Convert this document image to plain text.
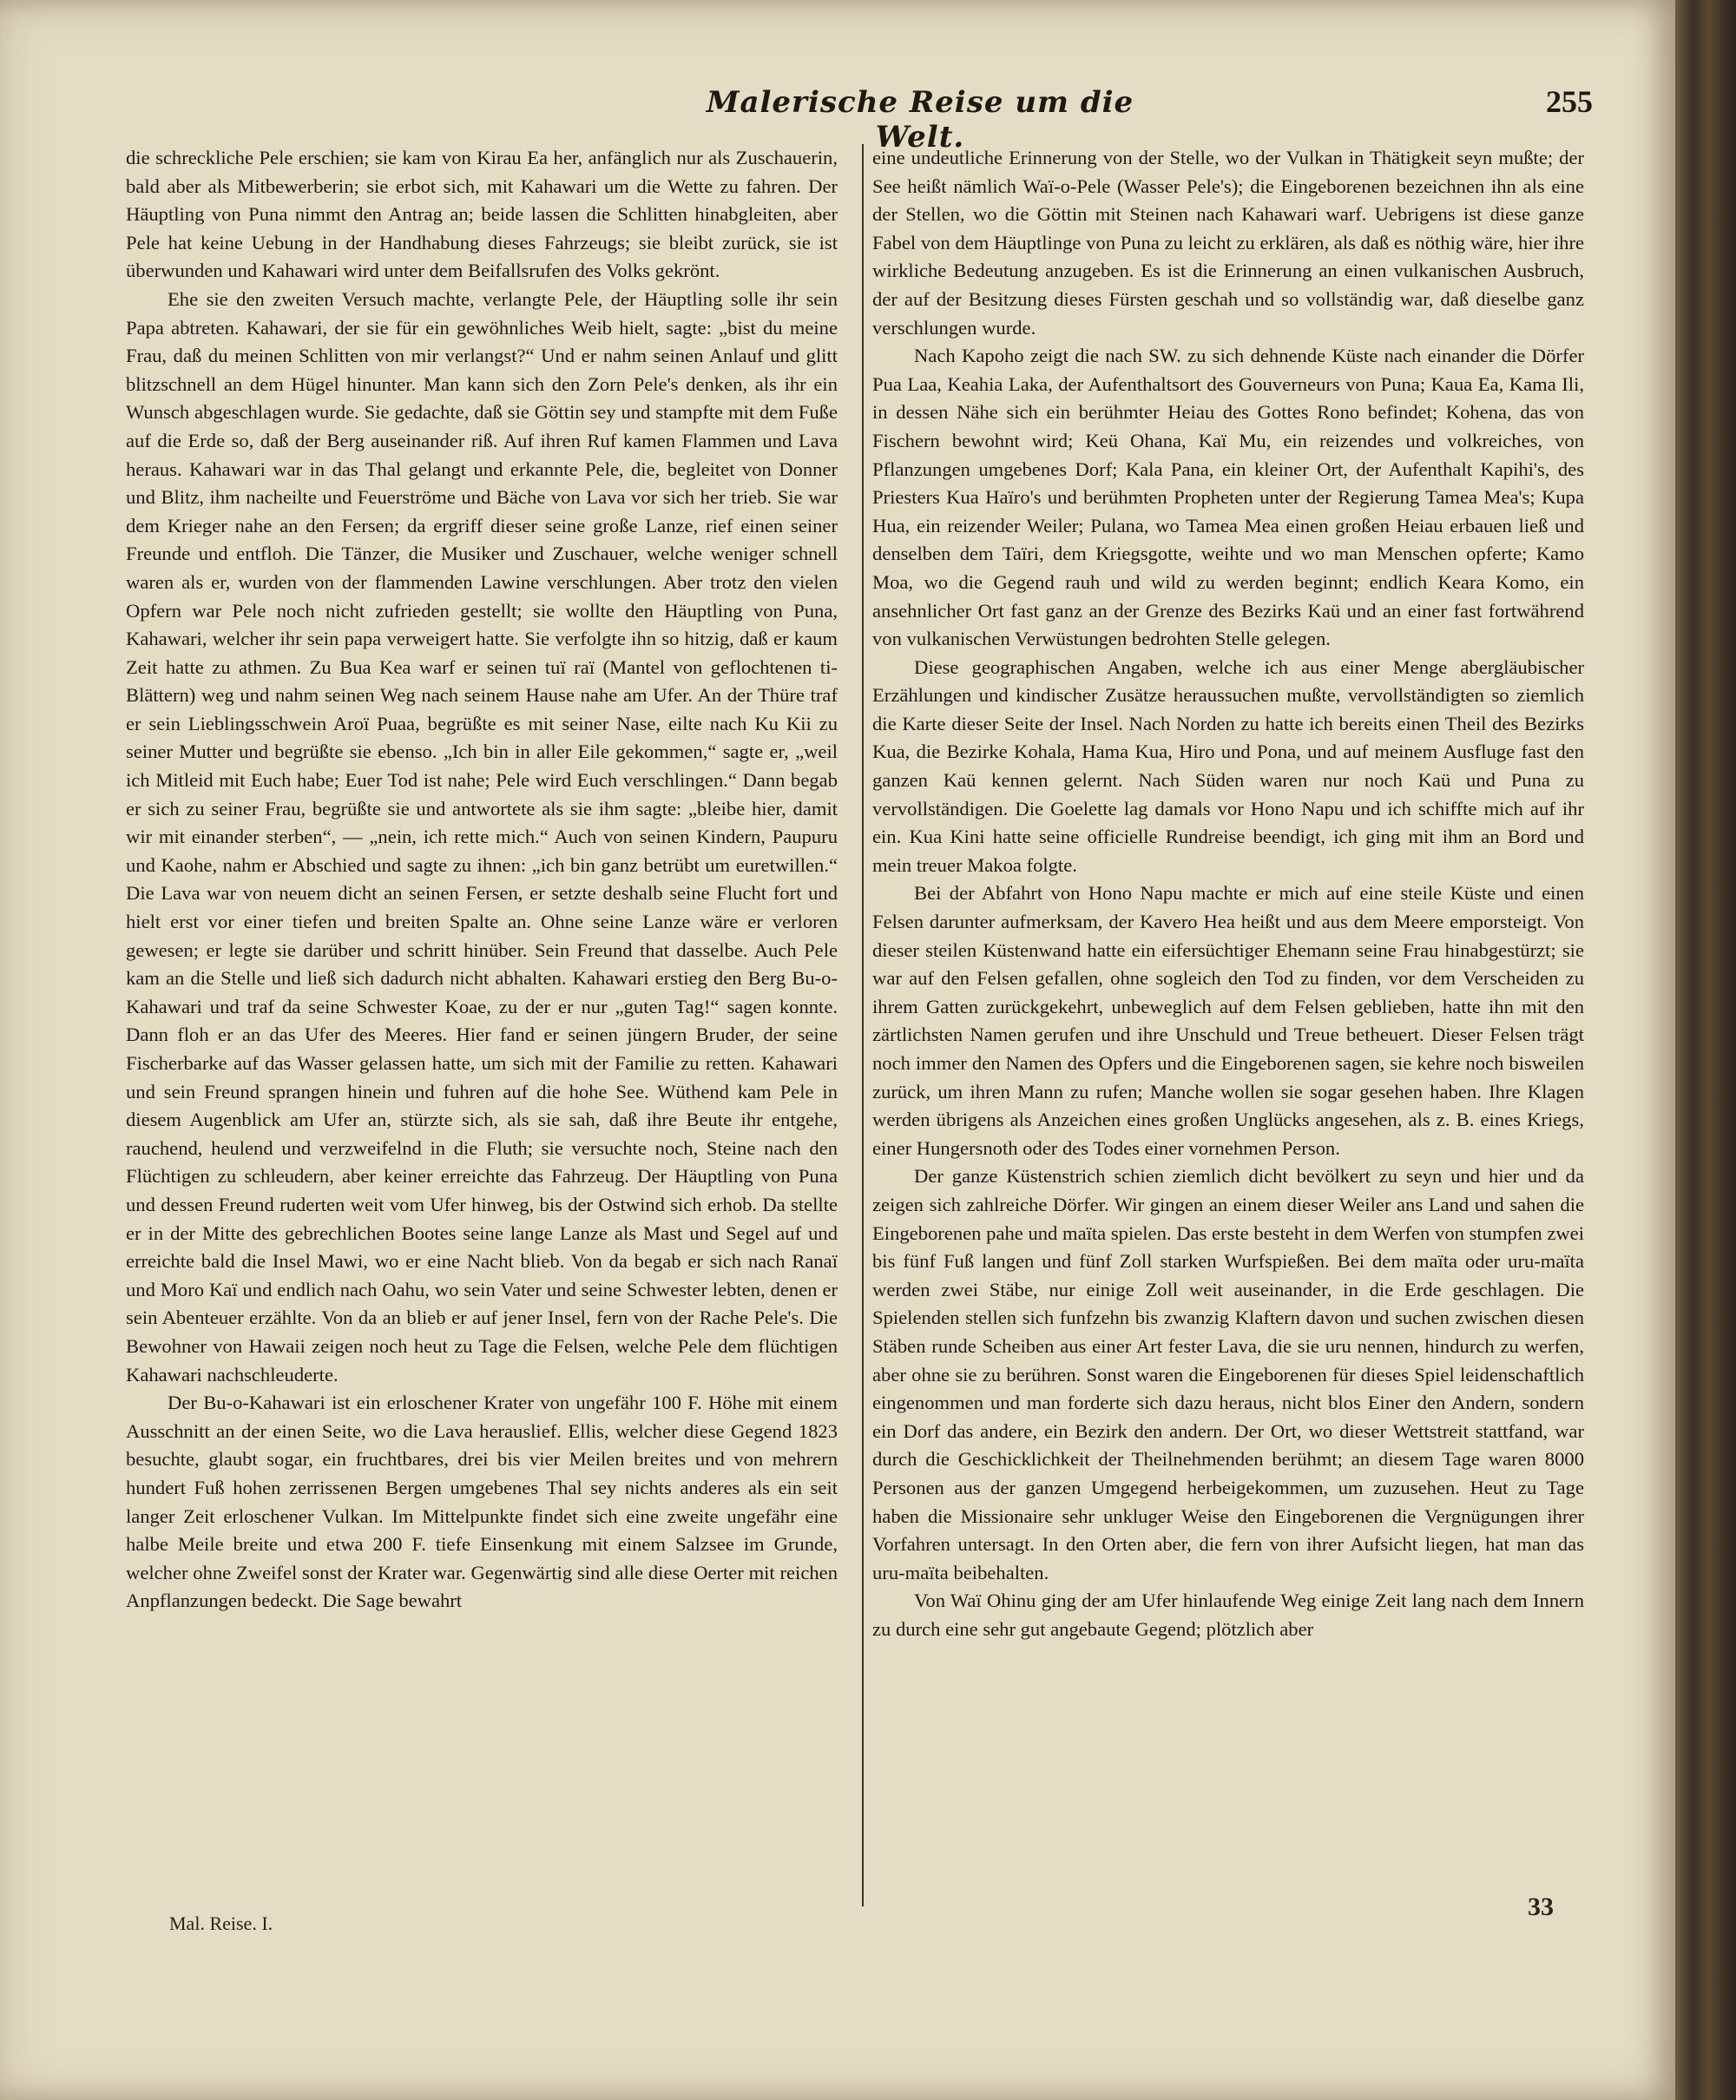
Malerische Reise um die Welt.
255

die schreckliche Pele erschien; sie kam von Kirau Ea her, anfänglich nur als Zuschauerin, bald aber als Mitbewerberin; sie erbot sich, mit Kahawari um die Wette zu fahren. Der Häuptling von Puna nimmt den Antrag an; beide lassen die Schlitten hinabgleiten, aber Pele hat keine Uebung in der Handhabung dieses Fahrzeugs; sie bleibt zurück, sie ist überwunden und Kahawari wird unter dem Beifallsrufen des Volks gekrönt.

Ehe sie den zweiten Versuch machte, verlangte Pele, der Häuptling solle ihr sein Papa abtreten. Kahawari, der sie für ein gewöhnliches Weib hielt, sagte: „bist du meine Frau, daß du meinen Schlitten von mir verlangst?“ Und er nahm seinen Anlauf und glitt blitzschnell an dem Hügel hinunter. Man kann sich den Zorn Pele's denken, als ihr ein Wunsch abgeschlagen wurde. Sie gedachte, daß sie Göttin sey und stampfte mit dem Fuße auf die Erde so, daß der Berg auseinander riß. Auf ihren Ruf kamen Flammen und Lava heraus. Kahawari war in das Thal gelangt und erkannte Pele, die, begleitet von Donner und Blitz, ihm nacheilte und Feuerströme und Bäche von Lava vor sich her trieb. Sie war dem Krieger nahe an den Fersen; da ergriff dieser seine große Lanze, rief einen seiner Freunde und entfloh. Die Tänzer, die Musiker und Zuschauer, welche weniger schnell waren als er, wurden von der flammenden Lawine verschlungen. Aber trotz den vielen Opfern war Pele noch nicht zufrieden gestellt; sie wollte den Häuptling von Puna, Kahawari, welcher ihr sein papa verweigert hatte. Sie verfolgte ihn so hitzig, daß er kaum Zeit hatte zu athmen. Zu Bua Kea warf er seinen tuï raï (Mantel von geflochtenen ti-Blättern) weg und nahm seinen Weg nach seinem Hause nahe am Ufer. An der Thüre traf er sein Lieblingsschwein Aroï Puaa, begrüßte es mit seiner Nase, eilte nach Ku Kii zu seiner Mutter und begrüßte sie ebenso. „Ich bin in aller Eile gekommen,“ sagte er, „weil ich Mitleid mit Euch habe; Euer Tod ist nahe; Pele wird Euch verschlingen.“ Dann begab er sich zu seiner Frau, begrüßte sie und antwortete als sie ihm sagte: „bleibe hier, damit wir mit einander sterben“, — „nein, ich rette mich.“ Auch von seinen Kindern, Paupuru und Kaohe, nahm er Abschied und sagte zu ihnen: „ich bin ganz betrübt um euretwillen.“ Die Lava war von neuem dicht an seinen Fersen, er setzte deshalb seine Flucht fort und hielt erst vor einer tiefen und breiten Spalte an. Ohne seine Lanze wäre er verloren gewesen; er legte sie darüber und schritt hinüber. Sein Freund that dasselbe. Auch Pele kam an die Stelle und ließ sich dadurch nicht abhalten. Kahawari erstieg den Berg Bu-o-Kahawari und traf da seine Schwester Koae, zu der er nur „guten Tag!“ sagen konnte. Dann floh er an das Ufer des Meeres. Hier fand er seinen jüngern Bruder, der seine Fischerbarke auf das Wasser gelassen hatte, um sich mit der Familie zu retten. Kahawari und sein Freund sprangen hinein und fuhren auf die hohe See. Wüthend kam Pele in diesem Augenblick am Ufer an, stürzte sich, als sie sah, daß ihre Beute ihr entgehe, rauchend, heulend und verzweifelnd in die Fluth; sie versuchte noch, Steine nach den Flüchtigen zu schleudern, aber keiner erreichte das Fahrzeug. Der Häuptling von Puna und dessen Freund ruderten weit vom Ufer hinweg, bis der Ostwind sich erhob. Da stellte er in der Mitte des gebrechlichen Bootes seine lange Lanze als Mast und Segel auf und erreichte bald die Insel Mawi, wo er eine Nacht blieb. Von da begab er sich nach Ranaï und Moro Kaï und endlich nach Oahu, wo sein Vater und seine Schwester lebten, denen er sein Abenteuer erzählte. Von da an blieb er auf jener Insel, fern von der Rache Pele's. Die Bewohner von Hawaii zeigen noch heut zu Tage die Felsen, welche Pele dem flüchtigen Kahawari nachschleuderte.

Der Bu-o-Kahawari ist ein erloschener Krater von ungefähr 100 F. Höhe mit einem Ausschnitt an der einen Seite, wo die Lava herauslief. Ellis, welcher diese Gegend 1823 besuchte, glaubt sogar, ein fruchtbares, drei bis vier Meilen breites und von mehrern hundert Fuß hohen zerrissenen Bergen umgebenes Thal sey nichts anderes als ein seit langer Zeit erloschener Vulkan. Im Mittelpunkte findet sich eine zweite ungefähr eine halbe Meile breite und etwa 200 F. tiefe Einsenkung mit einem Salzsee im Grunde, welcher ohne Zweifel sonst der Krater war. Gegenwärtig sind alle diese Oerter mit reichen Anpflanzungen bedeckt. Die Sage bewahrt

eine undeutliche Erinnerung von der Stelle, wo der Vulkan in Thätigkeit seyn mußte; der See heißt nämlich Waï-o-Pele (Wasser Pele's); die Eingeborenen bezeichnen ihn als eine der Stellen, wo die Göttin mit Steinen nach Kahawari warf. Uebrigens ist diese ganze Fabel von dem Häuptlinge von Puna zu leicht zu erklären, als daß es nöthig wäre, hier ihre wirkliche Bedeutung anzugeben. Es ist die Erinnerung an einen vulkanischen Ausbruch, der auf der Besitzung dieses Fürsten geschah und so vollständig war, daß dieselbe ganz verschlungen wurde.

Nach Kapoho zeigt die nach SW. zu sich dehnende Küste nach einander die Dörfer Pua Laa, Keahia Laka, der Aufenthaltsort des Gouverneurs von Puna; Kaua Ea, Kama Ili, in dessen Nähe sich ein berühmter Heiau des Gottes Rono befindet; Kohena, das von Fischern bewohnt wird; Keü Ohana, Kaï Mu, ein reizendes und volkreiches, von Pflanzungen umgebenes Dorf; Kala Pana, ein kleiner Ort, der Aufenthalt Kapihi's, des Priesters Kua Haïro's und berühmten Propheten unter der Regierung Tamea Mea's; Kupa Hua, ein reizender Weiler; Pulana, wo Tamea Mea einen großen Heiau erbauen ließ und denselben dem Taïri, dem Kriegsgotte, weihte und wo man Menschen opferte; Kamo Moa, wo die Gegend rauh und wild zu werden beginnt; endlich Keara Komo, ein ansehnlicher Ort fast ganz an der Grenze des Bezirks Kaü und an einer fast fortwährend von vulkanischen Verwüstungen bedrohten Stelle gelegen.

Diese geographischen Angaben, welche ich aus einer Menge abergläubischer Erzählungen und kindischer Zusätze heraussuchen mußte, vervollständigten so ziemlich die Karte dieser Seite der Insel. Nach Norden zu hatte ich bereits einen Theil des Bezirks Kua, die Bezirke Kohala, Hama Kua, Hiro und Pona, und auf meinem Ausfluge fast den ganzen Kaü kennen gelernt. Nach Süden waren nur noch Kaü und Puna zu vervollständigen. Die Goelette lag damals vor Hono Napu und ich schiffte mich auf ihr ein. Kua Kini hatte seine officielle Rundreise beendigt, ich ging mit ihm an Bord und mein treuer Makoa folgte.

Bei der Abfahrt von Hono Napu machte er mich auf eine steile Küste und einen Felsen darunter aufmerksam, der Kavero Hea heißt und aus dem Meere emporsteigt. Von dieser steilen Küstenwand hatte ein eifersüchtiger Ehemann seine Frau hinabgestürzt; sie war auf den Felsen gefallen, ohne sogleich den Tod zu finden, vor dem Verscheiden zu ihrem Gatten zurückgekehrt, unbeweglich auf dem Felsen geblieben, hatte ihn mit den zärtlichsten Namen gerufen und ihre Unschuld und Treue betheuert. Dieser Felsen trägt noch immer den Namen des Opfers und die Eingeborenen sagen, sie kehre noch bisweilen zurück, um ihren Mann zu rufen; Manche wollen sie sogar gesehen haben. Ihre Klagen werden übrigens als Anzeichen eines großen Unglücks angesehen, als z. B. eines Kriegs, einer Hungersnoth oder des Todes einer vornehmen Person.

Der ganze Küstenstrich schien ziemlich dicht bevölkert zu seyn und hier und da zeigen sich zahlreiche Dörfer. Wir gingen an einem dieser Weiler ans Land und sahen die Eingeborenen pahe und maïta spielen. Das erste besteht in dem Werfen von stumpfen zwei bis fünf Fuß langen und fünf Zoll starken Wurfspießen. Bei dem maïta oder uru-maïta werden zwei Stäbe, nur einige Zoll weit auseinander, in die Erde geschlagen. Die Spielenden stellen sich funfzehn bis zwanzig Klaftern davon und suchen zwischen diesen Stäben runde Scheiben aus einer Art fester Lava, die sie uru nennen, hindurch zu werfen, aber ohne sie zu berühren. Sonst waren die Eingeborenen für dieses Spiel leidenschaftlich eingenommen und man forderte sich dazu heraus, nicht blos Einer den Andern, sondern ein Dorf das andere, ein Bezirk den andern. Der Ort, wo dieser Wettstreit stattfand, war durch die Geschicklichkeit der Theilnehmenden berühmt; an diesem Tage waren 8000 Personen aus der ganzen Umgegend herbeigekommen, um zuzusehen. Heut zu Tage haben die Missionaire sehr unkluger Weise den Eingeborenen die Vergnügungen ihrer Vorfahren untersagt. In den Orten aber, die fern von ihrer Aufsicht liegen, hat man das uru-maïta beibehalten.

Von Waï Ohinu ging der am Ufer hinlaufende Weg einige Zeit lang nach dem Innern zu durch eine sehr gut angebaute Gegend; plötzlich aber

Mal. Reise. I.
33
